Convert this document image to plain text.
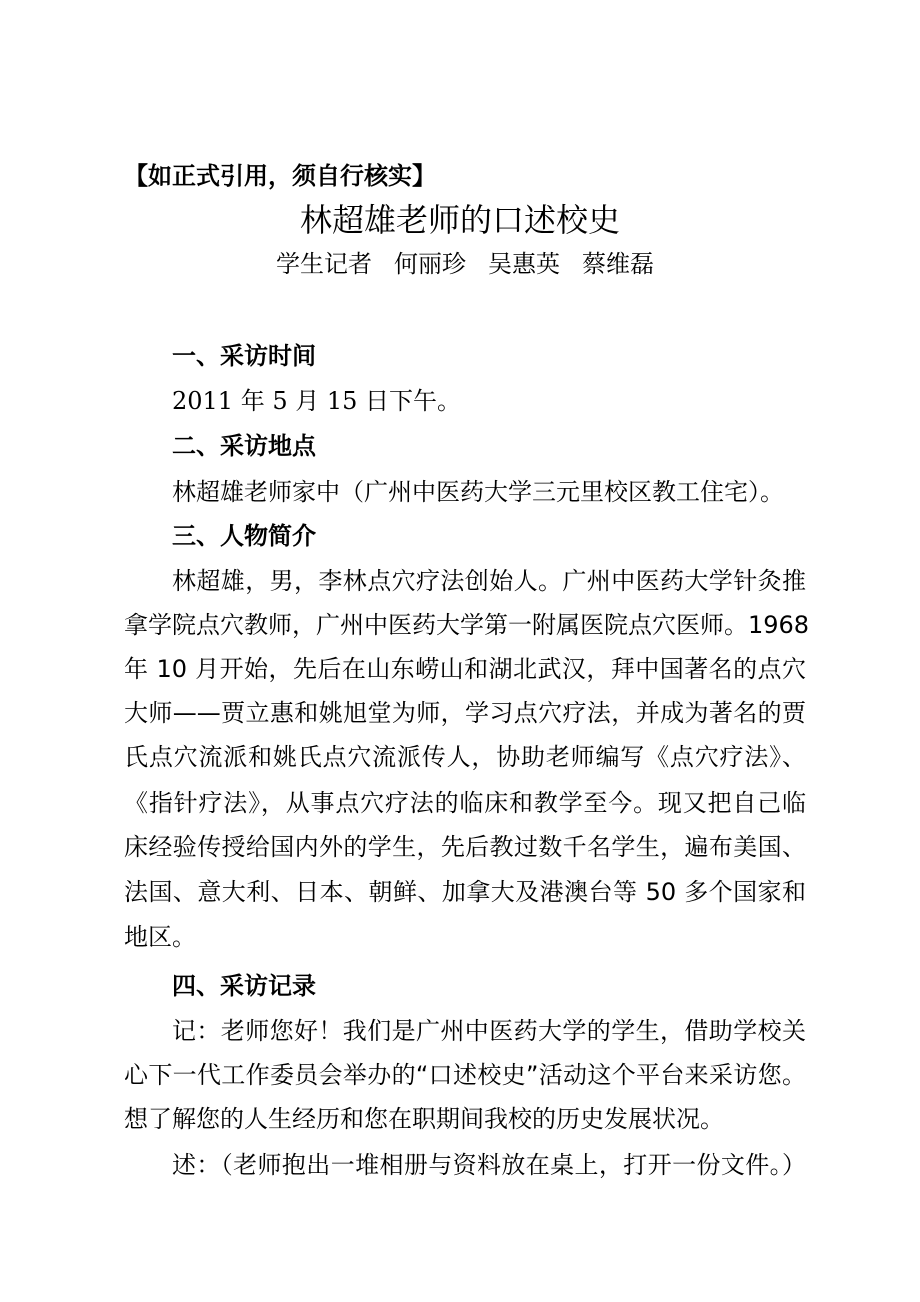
【如正式引用，须自行核实】
林超雄老师的口述校史
学生记者 何丽珍 吴惠英 蔡维磊
一、采访时间
2011 年 5 月 15 日下午。
二、采访地点
林超雄老师家中（广州中医药大学三元里校区教工住宅）。
三、人物简介
林超雄，男，李林点穴疗法创始人。广州中医药大学针灸推
拿学院点穴教师，广州中医药大学第一附属医院点穴医师。1968
年 10 月开始，先后在山东崂山和湖北武汉，拜中国著名的点穴
大师——贾立惠和姚旭堂为师，学习点穴疗法，并成为著名的贾
氏点穴流派和姚氏点穴流派传人，协助老师编写《点穴疗法》、
《指针疗法》，从事点穴疗法的临床和教学至今。现又把自己临
床经验传授给国内外的学生，先后教过数千名学生，遍布美国、
法国、意大利、日本、朝鲜、加拿大及港澳台等 50 多个国家和
地区。
四、采访记录
记：老师您好！我们是广州中医药大学的学生，借助学校关
心下一代工作委员会举办的“口述校史”活动这个平台来采访您。
想了解您的人生经历和您在职期间我校的历史发展状况。
述：（老师抱出一堆相册与资料放在桌上，打开一份文件。）
